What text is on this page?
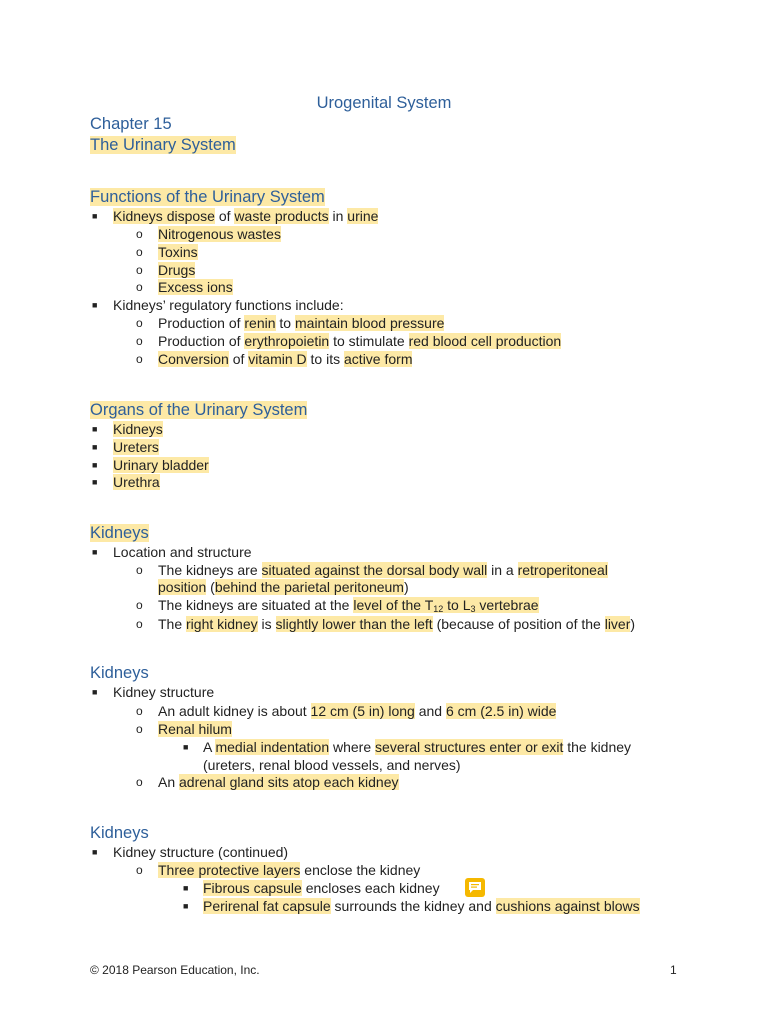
Urogenital System
Chapter 15
The Urinary System
Functions of the Urinary System
■ Kidneys dispose of waste products in urine
o Nitrogenous wastes
o Toxins
o Drugs
o Excess ions
■ Kidneys’ regulatory functions include:
o Production of renin to maintain blood pressure
o Production of erythropoietin to stimulate red blood cell production
o Conversion of vitamin D to its active form
Organs of the Urinary System
■ Kidneys
■ Ureters
■ Urinary bladder
■ Urethra
Kidneys
■ Location and structure
o The kidneys are situated against the dorsal body wall in a retroperitoneal
position (behind the parietal peritoneum)
o The kidneys are situated at the level of the $T_{12}$ to $L_3$ vertebrae
o The right kidney is slightly lower than the left (because of position of the liver)
Kidneys
■ Kidney structure
o An adult kidney is about 12 cm (5 in) long and 6 cm (2.5 in) wide
o Renal hilum
■ A medial indentation where several structures enter or exit the kidney
(ureters, renal blood vessels, and nerves)
o An adrenal gland sits atop each kidney
Kidneys
■ Kidney structure (continued)
o Three protective layers enclose the kidney
■ Fibrous capsule encloses each kidney
■ Perirenal fat capsule surrounds the kidney and cushions against blows
© 2018 Pearson Education, Inc.	1
